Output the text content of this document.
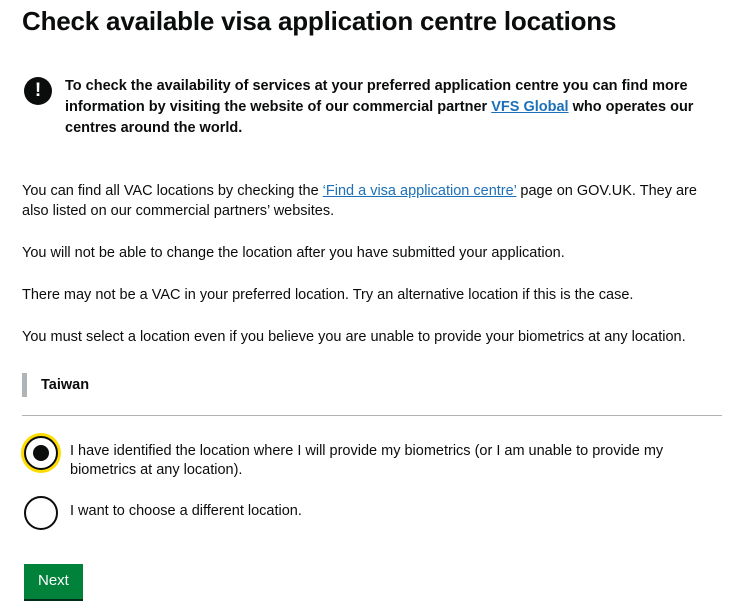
Check available visa application centre locations
!	To check the availability of services at your preferred application centre you can find more information by visiting the website of our commercial partner VFS Global who operates our centres around the world.

You can find all VAC locations by checking the ‘Find a visa application centre’ page on GOV.UK. They are also listed on our commercial partners’ websites.

You will not be able to change the location after you have submitted your application.

There may not be a VAC in your preferred location. Try an alternative location if this is the case.

You must select a location even if you believe you are unable to provide your biometrics at any location.

Taiwan
I have identified the location where I will provide my biometrics (or I am unable to provide my biometrics at any location).
I want to choose a different location.
Next
